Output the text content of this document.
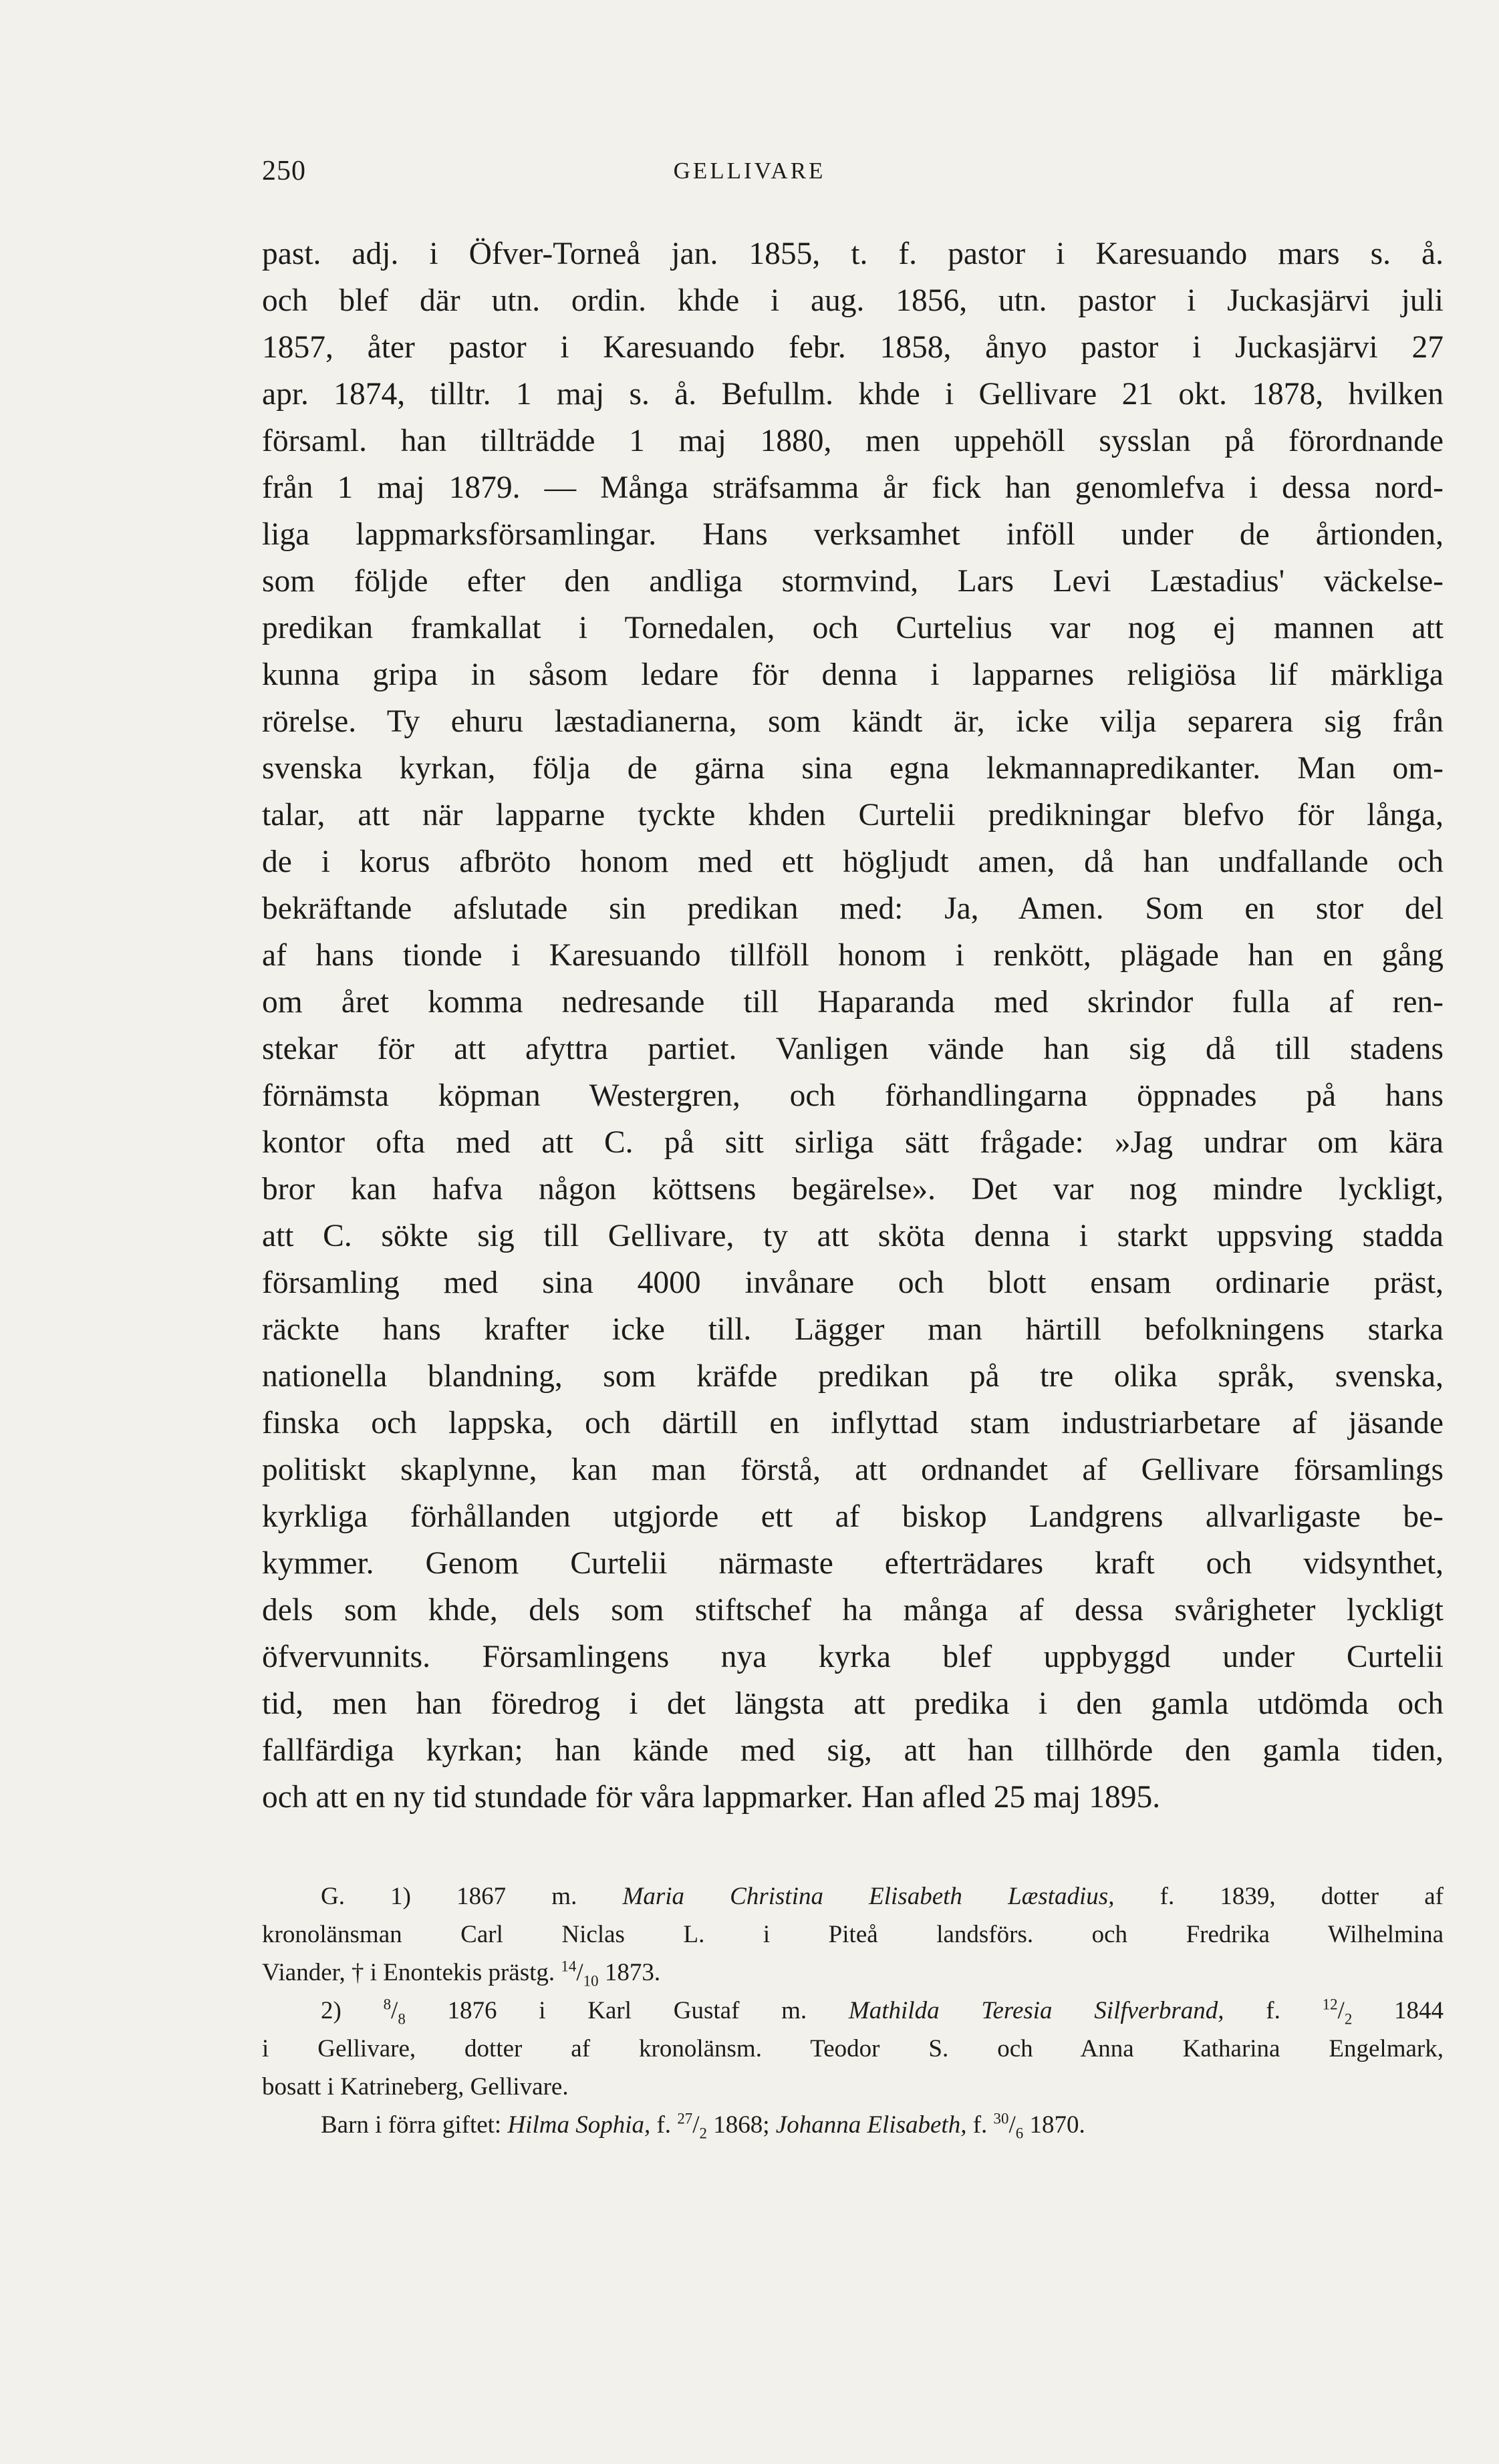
250	GELLIVARE
past. adj. i Öfver-Torneå jan. 1855, t. f. pastor i Karesuando mars s. å.
och blef där utn. ordin. khde i aug. 1856, utn. pastor i Juckasjärvi juli
1857, åter pastor i Karesuando febr. 1858, ånyo pastor i Juckasjärvi 27
apr. 1874, tilltr. 1 maj s. å. Befullm. khde i Gellivare 21 okt. 1878, hvilken
församl. han tillträdde 1 maj 1880, men uppehöll sysslan på förordnande
från 1 maj 1879. — Många sträfsamma år fick han genomlefva i dessa nord-
liga lappmarksförsamlingar. Hans verksamhet inföll under de årtionden,
som följde efter den andliga stormvind, Lars Levi Læstadius' väckelse-
predikan framkallat i Tornedalen, och Curtelius var nog ej mannen att
kunna gripa in såsom ledare för denna i lapparnes religiösa lif märkliga
rörelse. Ty ehuru læstadianerna, som kändt är, icke vilja separera sig från
svenska kyrkan, följa de gärna sina egna lekmannapredikanter. Man om-
talar, att när lapparne tyckte khden Curtelii predikningar blefvo för långa,
de i korus afbröto honom med ett högljudt amen, då han undfallande och
bekräftande afslutade sin predikan med: Ja, Amen. Som en stor del
af hans tionde i Karesuando tillföll honom i renkött, plägade han en gång
om året komma nedresande till Haparanda med skrindor fulla af ren-
stekar för att afyttra partiet. Vanligen vände han sig då till stadens
förnämsta köpman Westergren, och förhandlingarna öppnades på hans
kontor ofta med att C. på sitt sirliga sätt frågade: »Jag undrar om kära
bror kan hafva någon köttsens begärelse». Det var nog mindre lyckligt,
att C. sökte sig till Gellivare, ty att sköta denna i starkt uppsving stadda
församling med sina 4000 invånare och blott ensam ordinarie präst,
räckte hans krafter icke till. Lägger man härtill befolkningens starka
nationella blandning, som kräfde predikan på tre olika språk, svenska,
finska och lappska, och därtill en inflyttad stam industriarbetare af jäsande
politiskt skaplynne, kan man förstå, att ordnandet af Gellivare församlings
kyrkliga förhållanden utgjorde ett af biskop Landgrens allvarligaste be-
kymmer. Genom Curtelii närmaste efterträdares kraft och vidsynthet,
dels som khde, dels som stiftschef ha många af dessa svårigheter lyckligt
öfvervunnits. Församlingens nya kyrka blef uppbyggd under Curtelii
tid, men han föredrog i det längsta att predika i den gamla utdömda och
fallfärdiga kyrkan; han kände med sig, att han tillhörde den gamla tiden,
och att en ny tid stundade för våra lappmarker. Han afled 25 maj 1895.
G. 1) 1867 m. Maria Christina Elisabeth Læstadius, f. 1839, dotter af
kronolänsman Carl Niclas L. i Piteå landsförs. och Fredrika Wilhelmina
Viander, † i Enontekis prästg. $^{14}/_{10}$ 1873.
2) $^8/_8$ 1876 i Karl Gustaf m. Mathilda Teresia Silfverbrand, f. $^{12}/_2$ 1844
i Gellivare, dotter af kronolänsm. Teodor S. och Anna Katharina Engelmark,
bosatt i Katrineberg, Gellivare.
Barn i förra giftet: Hilma Sophia, f. $^{27}/_2$ 1868; Johanna Elisabeth, f. $^{30}/_6$ 1870.
